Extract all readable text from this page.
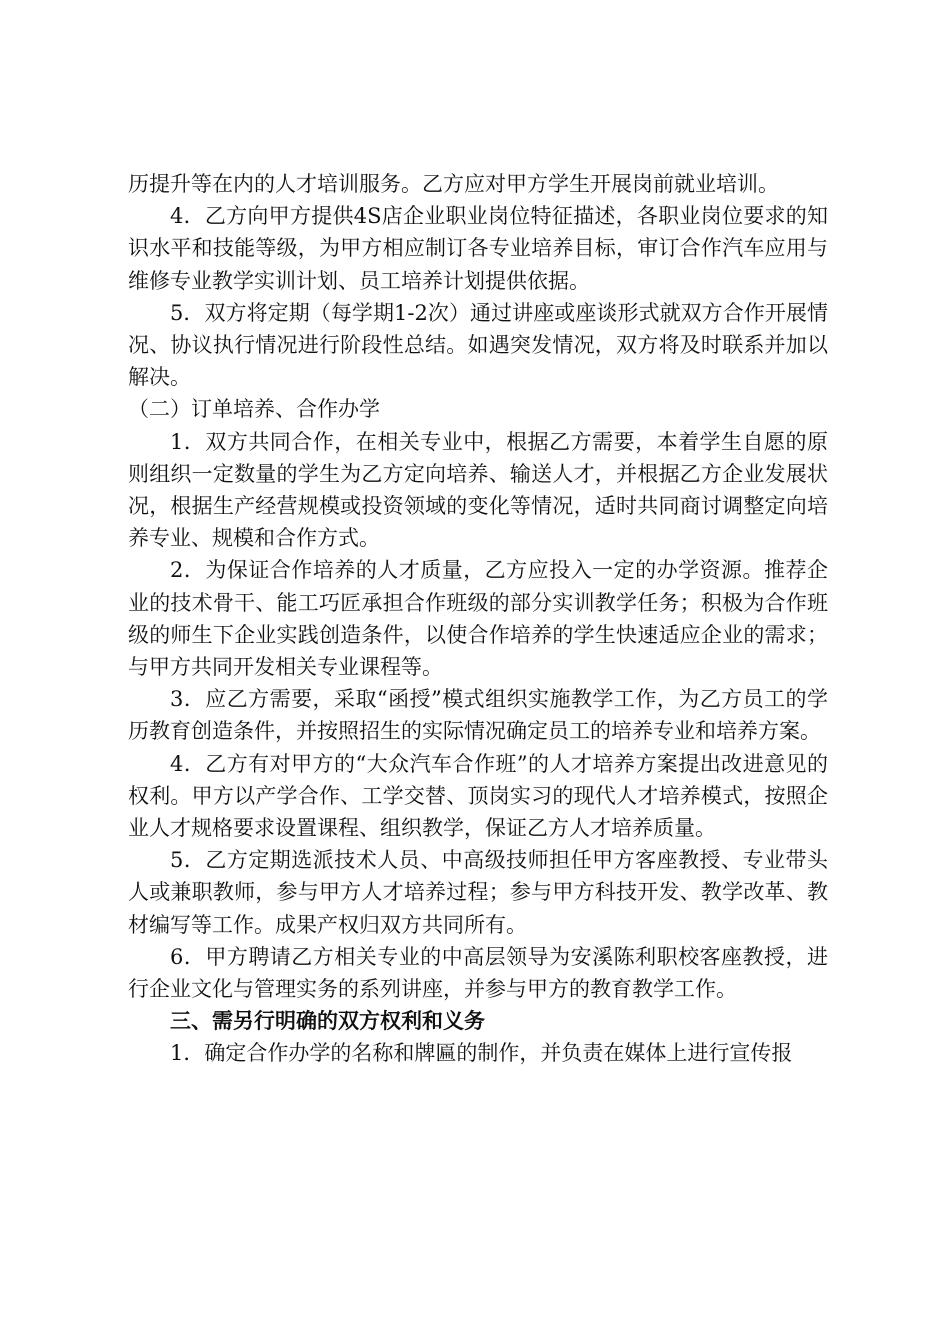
历提升等在内的人才培训服务。乙方应对甲方学生开展岗前就业培训。

4．乙方向甲方提供4S店企业职业岗位特征描述，各职业岗位要求的知识水平和技能等级，为甲方相应制订各专业培养目标，审订合作汽车应用与维修专业教学实训计划、员工培养计划提供依据。

5．双方将定期（每学期1-2次）通过讲座或座谈形式就双方合作开展情况、协议执行情况进行阶段性总结。如遇突发情况，双方将及时联系并加以解决。

（二）订单培养、合作办学

1．双方共同合作，在相关专业中，根据乙方需要，本着学生自愿的原则组织一定数量的学生为乙方定向培养、输送人才，并根据乙方企业发展状况，根据生产经营规模或投资领域的变化等情况，适时共同商讨调整定向培养专业、规模和合作方式。

2．为保证合作培养的人才质量，乙方应投入一定的办学资源。推荐企业的技术骨干、能工巧匠承担合作班级的部分实训教学任务；积极为合作班级的师生下企业实践创造条件，以使合作培养的学生快速适应企业的需求；与甲方共同开发相关专业课程等。

3．应乙方需要，采取“函授”模式组织实施教学工作，为乙方员工的学历教育创造条件，并按照招生的实际情况确定员工的培养专业和培养方案。

4．乙方有对甲方的“大众汽车合作班”的人才培养方案提出改进意见的权利。甲方以产学合作、工学交替、顶岗实习的现代人才培养模式，按照企业人才规格要求设置课程、组织教学，保证乙方人才培养质量。

5．乙方定期选派技术人员、中高级技师担任甲方客座教授、专业带头人或兼职教师，参与甲方人才培养过程；参与甲方科技开发、教学改革、教材编写等工作。成果产权归双方共同所有。

6．甲方聘请乙方相关专业的中高层领导为安溪陈利职校客座教授，进行企业文化与管理实务的系列讲座，并参与甲方的教育教学工作。

三、需另行明确的双方权利和义务

1．确定合作办学的名称和牌匾的制作，并负责在媒体上进行宣传报
